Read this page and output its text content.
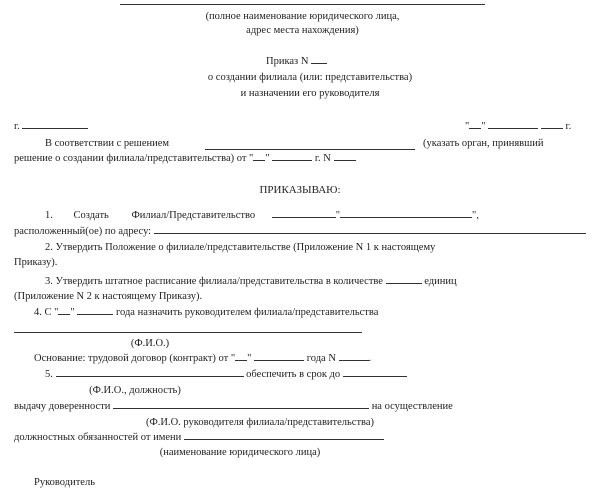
(полное наименование юридического лица,
адрес места нахождения)
Приказ N
о создании филиала (или: представительства)
и назначении его руководителя
г.	" "	г.
В соответствии с решением
	(указать орган, принявший
решение о создании филиала/представительства) от " "	г. N
ПРИКАЗЫВАЮ:
1. Создать Филиал/Представительство	"	",
расположенный(ое) по адресу:
2. Утвердить Положение о филиале/представительстве (Приложение N 1 к настоящему
Приказу).
3. Утвердить штатное расписание филиала/представительства в количестве	единиц
(Приложение N 2 к настоящему Приказу).
4. С " "	года назначить руководителем филиала/представительства
(Ф.И.О.)
Основание: трудовой договор (контракт) от " "	года N	.
5.	обеспечить в срок до
(Ф.И.О., должность)
выдачу доверенности	на осуществление
(Ф.И.О. руководителя филиала/представительства)
должностных обязанностей от имени
(наименование юридического лица)
Руководитель
